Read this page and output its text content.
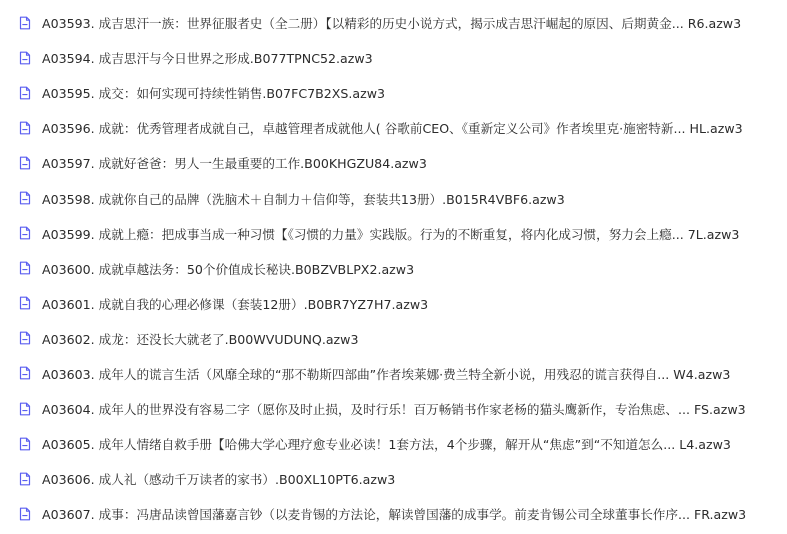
A03593. 成吉思汗一族：世界征服者史（全二册）【以精彩的历史小说方式，揭示成吉思汗崛起的原因、后期黄金... R6.azw3
A03594. 成吉思汗与今日世界之形成.B077TPNC52.azw3
A03595. 成交：如何实现可持续性销售.B07FC7B2XS.azw3
A03596. 成就：优秀管理者成就自己，卓越管理者成就他人( 谷歌前CEO、《重新定义公司》作者埃里克·施密特新... HL.azw3
A03597. 成就好爸爸：男人一生最重要的工作.B00KHGZU84.azw3
A03598. 成就你自己的品牌（洗脑术＋自制力＋信仰等，套装共13册）.B015R4VBF6.azw3
A03599. 成就上瘾：把成事当成一种习惯【《习惯的力量》实践版。行为的不断重复，将内化成习惯，努力会上瘾... 7L.azw3
A03600. 成就卓越法务：50个价值成长秘诀.B0BZVBLPX2.azw3
A03601. 成就自我的心理必修课（套装12册）.B0BR7YZ7H7.azw3
A03602. 成龙：还没长大就老了.B00WVUDUNQ.azw3
A03603. 成年人的谎言生活（风靡全球的“那不勒斯四部曲”作者埃莱娜·费兰特全新小说，用残忍的谎言获得自... W4.azw3
A03604. 成年人的世界没有容易二字（愿你及时止损，及时行乐！百万畅销书作家老杨的猫头鹰新作，专治焦虑、... FS.azw3
A03605. 成年人情绪自救手册【哈佛大学心理疗愈专业必读！1套方法，4个步骤，解开从“焦虑”到“不知道怎么... L4.azw3
A03606. 成人礼（感动千万读者的家书）.B00XL10PT6.azw3
A03607. 成事：冯唐品读曾国藩嘉言钞（以麦肯锡的方法论，解读曾国藩的成事学。前麦肯锡公司全球董事长作序... FR.azw3
